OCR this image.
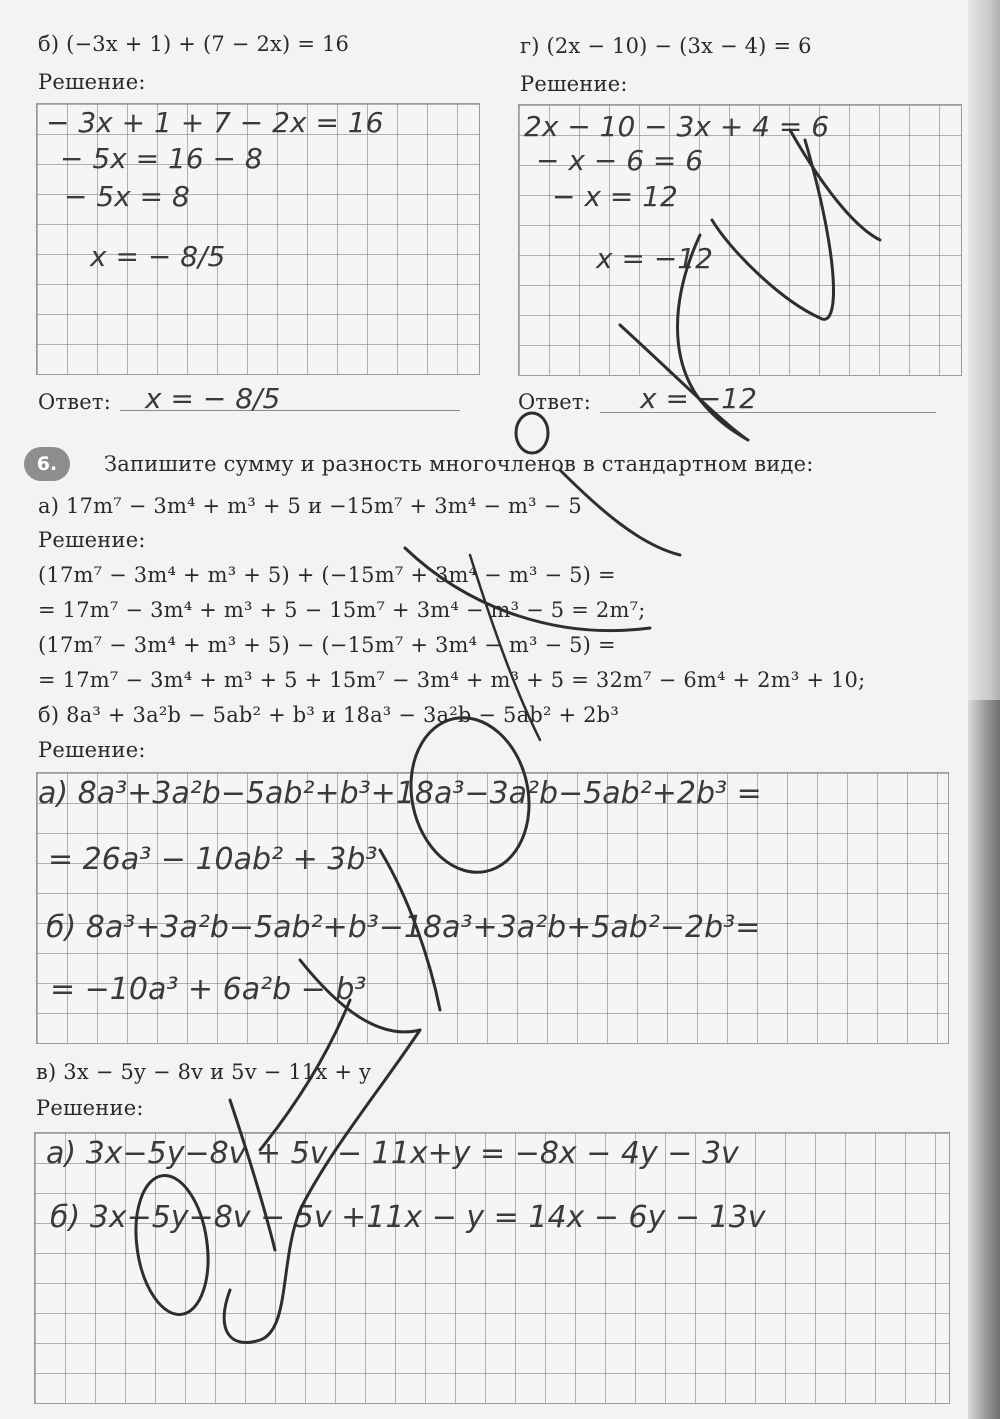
б) (−3x + 1) + (7 − 2x) = 16
Решение:
− 3x + 1 + 7 − 2x = 16
− 5x = 16 − 8
− 5x = 8
x = − 8/5
Ответ: x = − 8/5
г) (2x − 10) − (3x − 4) = 6
Решение:
2x − 10 − 3x + 4 = 6
− x − 6 = 6
− x = 12
x = −12
Ответ: x = −12
6.	Запишите сумму и разность многочленов в стандартном виде:
а) 17m⁷ − 3m⁴ + m³ + 5 и −15m⁷ + 3m⁴ − m³ − 5
Решение:
(17m⁷ − 3m⁴ + m³ + 5) + (−15m⁷ + 3m⁴ − m³ − 5) =
= 17m⁷ − 3m⁴ + m³ + 5 − 15m⁷ + 3m⁴ − m³ − 5 = 2m⁷;
(17m⁷ − 3m⁴ + m³ + 5) − (−15m⁷ + 3m⁴ − m³ − 5) =
= 17m⁷ − 3m⁴ + m³ + 5 + 15m⁷ − 3m⁴ + m³ + 5 = 32m⁷ − 6m⁴ + 2m³ + 10;
б) 8a³ + 3a²b − 5ab² + b³ и 18a³ − 3a²b − 5ab² + 2b³
Решение:
а) 8a³+3a²b−5ab²+b³+18a³−3a²b−5ab²+2b³ =
= 26a³ − 10ab² + 3b³
б) 8a³+3a²b−5ab²+b³−18a³+3a²b+5ab²−2b³=
= −10a³ + 6a²b − b³
в) 3x − 5y − 8v и 5v − 11x + y
Решение:
а) 3x−5y−8v + 5v − 11x+y = −8x − 4y − 3v
б) 3x−5y−8v − 5v +11x − y = 14x − 6y − 13v
